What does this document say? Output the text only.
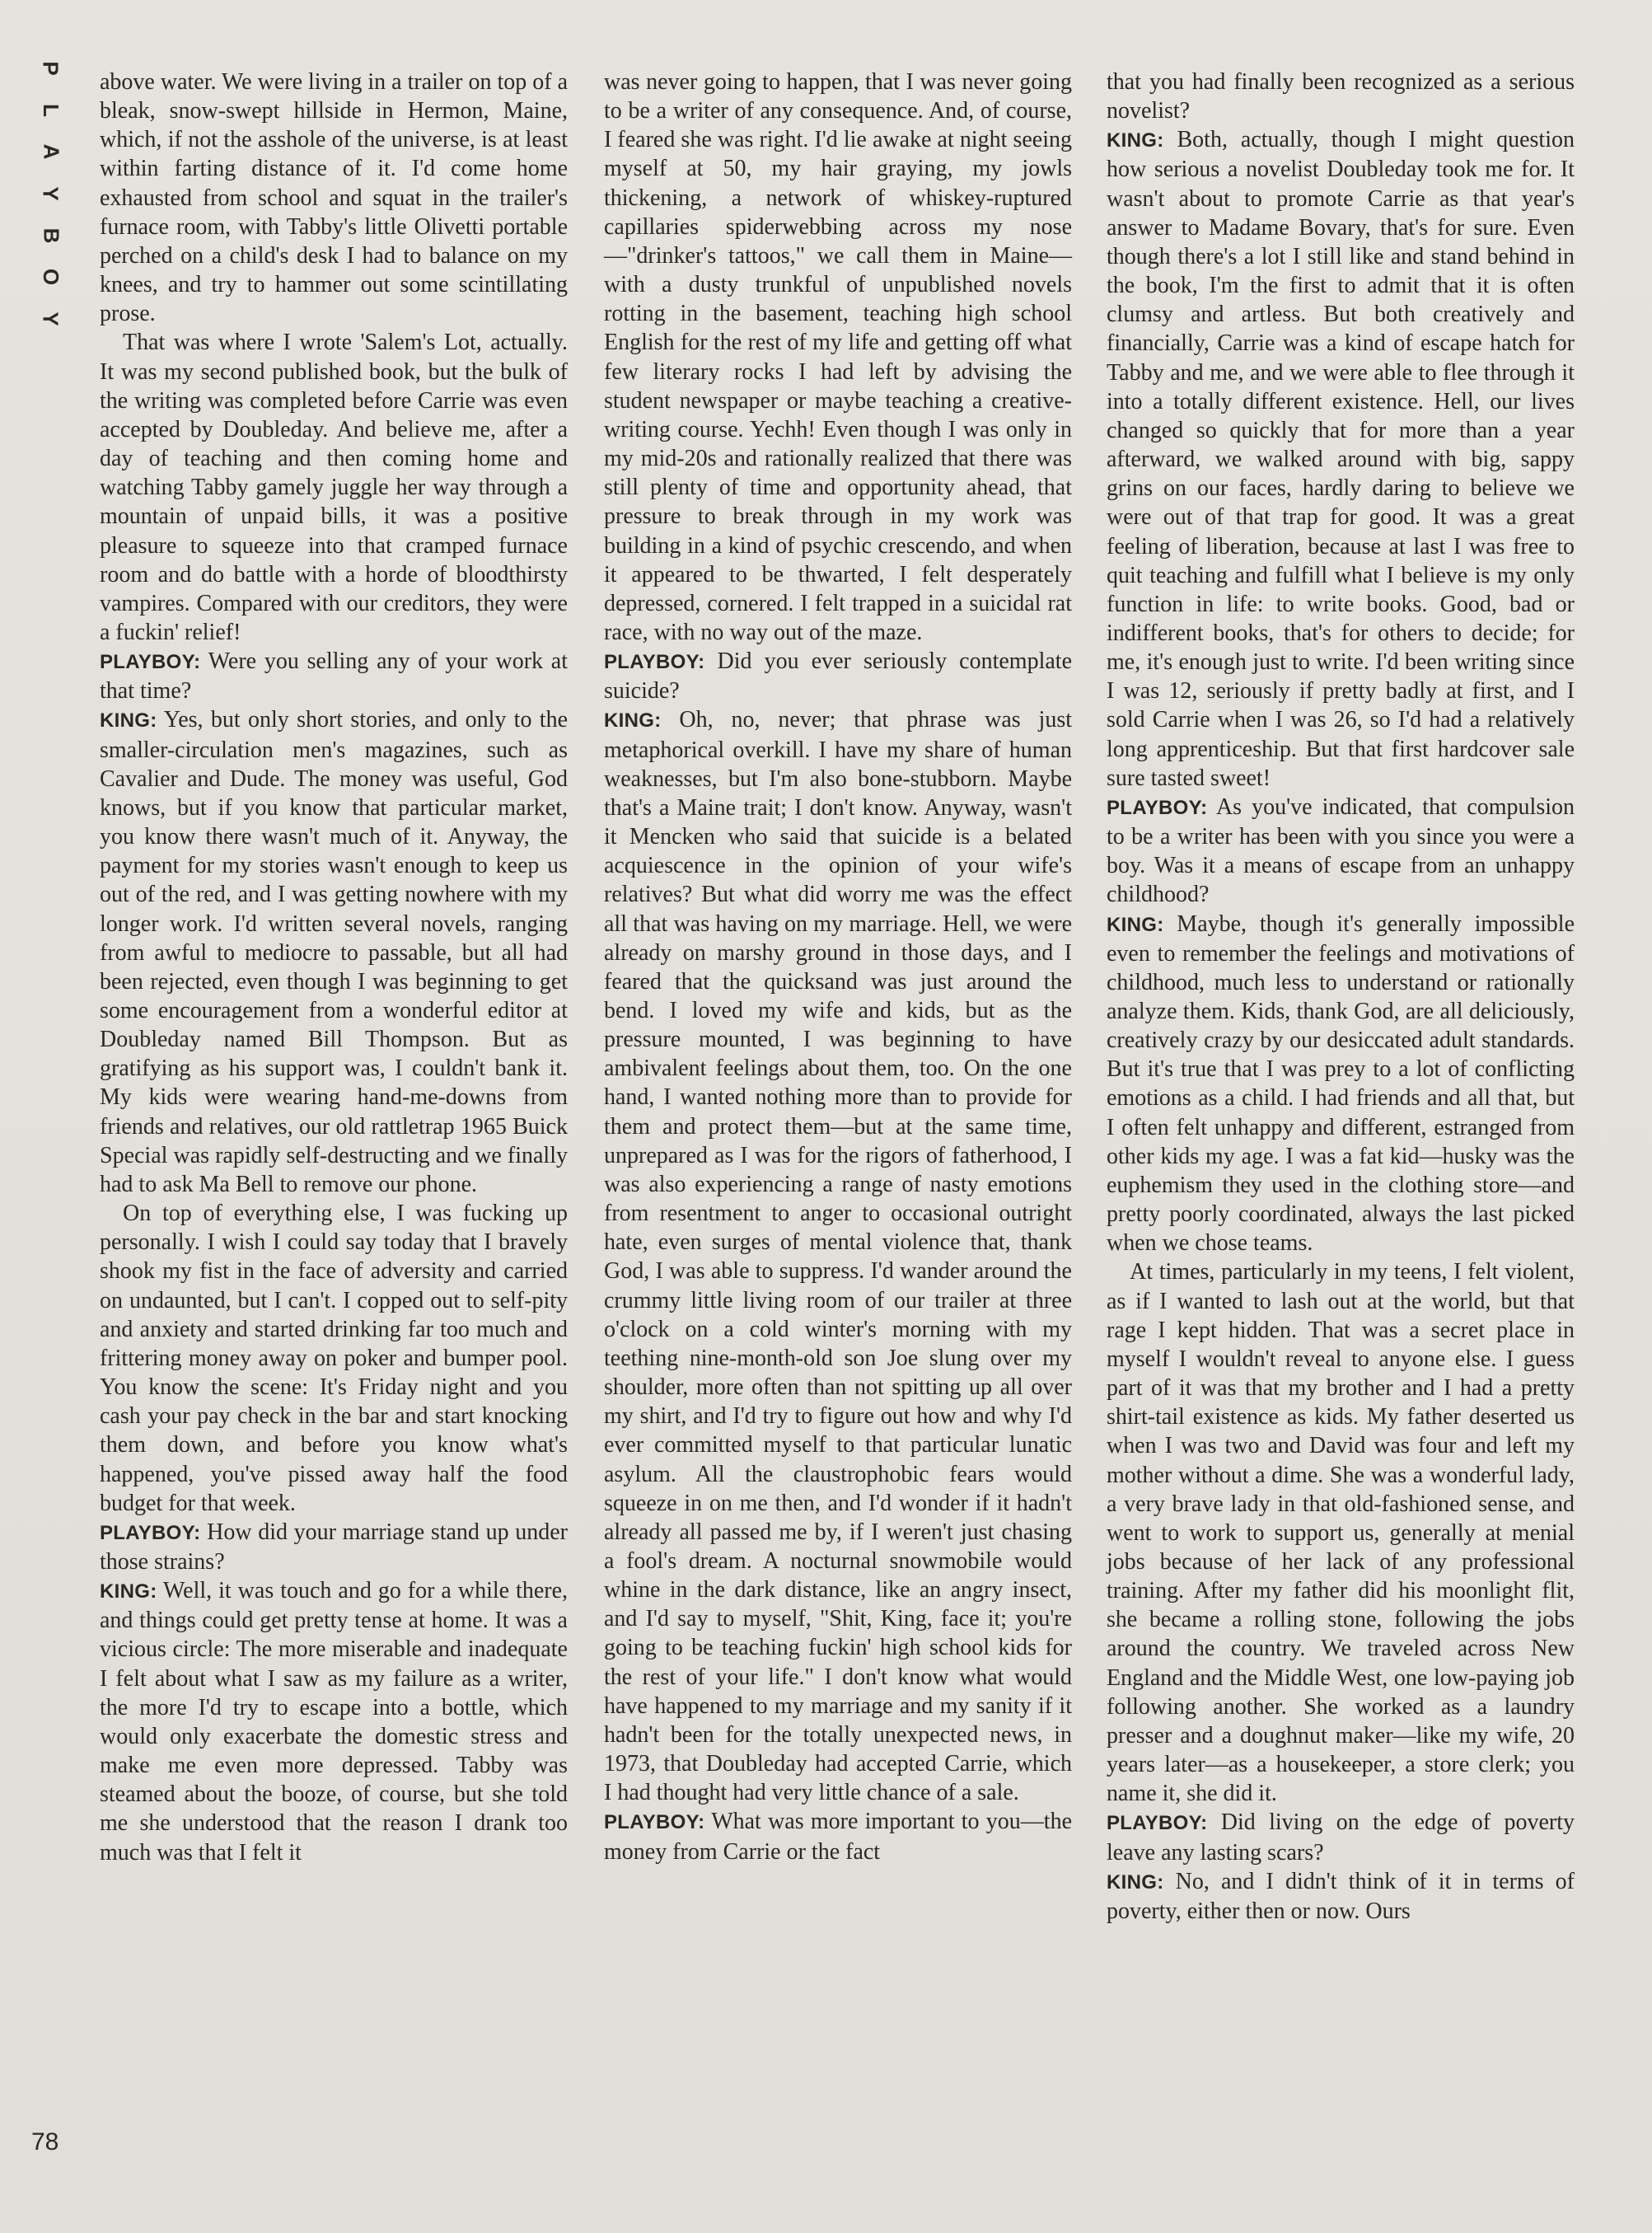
P
L
A
Y
B
O
Y

above water. We were living in a trailer on top of a bleak, snow-swept hillside in Hermon, Maine, which, if not the asshole of the universe, is at least within farting distance of it. I'd come home exhausted from school and squat in the trailer's furnace room, with Tabby's little Olivetti portable perched on a child's desk I had to balance on my knees, and try to hammer out some scintillating prose.

That was where I wrote 'Salem's Lot, actually. It was my second published book, but the bulk of the writing was completed before Carrie was even accepted by Doubleday. And believe me, after a day of teaching and then coming home and watching Tabby gamely juggle her way through a mountain of unpaid bills, it was a positive pleasure to squeeze into that cramped furnace room and do battle with a horde of bloodthirsty vampires. Compared with our creditors, they were a fuckin' relief!

PLAYBOY: Were you selling any of your work at that time?

KING: Yes, but only short stories, and only to the smaller-circulation men's magazines, such as Cavalier and Dude. The money was useful, God knows, but if you know that particular market, you know there wasn't much of it. Anyway, the payment for my stories wasn't enough to keep us out of the red, and I was getting nowhere with my longer work. I'd written several novels, ranging from awful to mediocre to passable, but all had been rejected, even though I was beginning to get some encouragement from a wonderful editor at Doubleday named Bill Thompson. But as gratifying as his support was, I couldn't bank it. My kids were wearing hand-me-downs from friends and relatives, our old rattletrap 1965 Buick Special was rapidly self-destructing and we finally had to ask Ma Bell to remove our phone.

On top of everything else, I was fucking up personally. I wish I could say today that I bravely shook my fist in the face of adversity and carried on undaunted, but I can't. I copped out to self-pity and anxiety and started drinking far too much and frittering money away on poker and bumper pool. You know the scene: It's Friday night and you cash your pay check in the bar and start knocking them down, and before you know what's happened, you've pissed away half the food budget for that week.

PLAYBOY: How did your marriage stand up under those strains?

KING: Well, it was touch and go for a while there, and things could get pretty tense at home. It was a vicious circle: The more miserable and inadequate I felt about what I saw as my failure as a writer, the more I'd try to escape into a bottle, which would only exacerbate the domestic stress and make me even more depressed. Tabby was steamed about the booze, of course, but she told me she understood that the reason I drank too much was that I felt it

was never going to happen, that I was never going to be a writer of any consequence. And, of course, I feared she was right. I'd lie awake at night seeing myself at 50, my hair graying, my jowls thickening, a network of whiskey-ruptured capillaries spiderwebbing across my nose—"drinker's tattoos," we call them in Maine—with a dusty trunkful of unpublished novels rotting in the basement, teaching high school English for the rest of my life and getting off what few literary rocks I had left by advising the student newspaper or maybe teaching a creative-writing course. Yechh! Even though I was only in my mid-20s and rationally realized that there was still plenty of time and opportunity ahead, that pressure to break through in my work was building in a kind of psychic crescendo, and when it appeared to be thwarted, I felt desperately depressed, cornered. I felt trapped in a suicidal rat race, with no way out of the maze.

PLAYBOY: Did you ever seriously contemplate suicide?

KING: Oh, no, never; that phrase was just metaphorical overkill. I have my share of human weaknesses, but I'm also bone-stubborn. Maybe that's a Maine trait; I don't know. Anyway, wasn't it Mencken who said that suicide is a belated acquiescence in the opinion of your wife's relatives? But what did worry me was the effect all that was having on my marriage. Hell, we were already on marshy ground in those days, and I feared that the quicksand was just around the bend. I loved my wife and kids, but as the pressure mounted, I was beginning to have ambivalent feelings about them, too. On the one hand, I wanted nothing more than to provide for them and protect them—but at the same time, unprepared as I was for the rigors of fatherhood, I was also experiencing a range of nasty emotions from resentment to anger to occasional outright hate, even surges of mental violence that, thank God, I was able to suppress. I'd wander around the crummy little living room of our trailer at three o'clock on a cold winter's morning with my teething nine-month-old son Joe slung over my shoulder, more often than not spitting up all over my shirt, and I'd try to figure out how and why I'd ever committed myself to that particular lunatic asylum. All the claustrophobic fears would squeeze in on me then, and I'd wonder if it hadn't already all passed me by, if I weren't just chasing a fool's dream. A nocturnal snowmobile would whine in the dark distance, like an angry insect, and I'd say to myself, "Shit, King, face it; you're going to be teaching fuckin' high school kids for the rest of your life." I don't know what would have happened to my marriage and my sanity if it hadn't been for the totally unexpected news, in 1973, that Doubleday had accepted Carrie, which I had thought had very little chance of a sale.

PLAYBOY: What was more important to you—the money from Carrie or the fact

that you had finally been recognized as a serious novelist?

KING: Both, actually, though I might question how serious a novelist Doubleday took me for. It wasn't about to promote Carrie as that year's answer to Madame Bovary, that's for sure. Even though there's a lot I still like and stand behind in the book, I'm the first to admit that it is often clumsy and artless. But both creatively and financially, Carrie was a kind of escape hatch for Tabby and me, and we were able to flee through it into a totally different existence. Hell, our lives changed so quickly that for more than a year afterward, we walked around with big, sappy grins on our faces, hardly daring to believe we were out of that trap for good. It was a great feeling of liberation, because at last I was free to quit teaching and fulfill what I believe is my only function in life: to write books. Good, bad or indifferent books, that's for others to decide; for me, it's enough just to write. I'd been writing since I was 12, seriously if pretty badly at first, and I sold Carrie when I was 26, so I'd had a relatively long apprenticeship. But that first hardcover sale sure tasted sweet!

PLAYBOY: As you've indicated, that compulsion to be a writer has been with you since you were a boy. Was it a means of escape from an unhappy childhood?

KING: Maybe, though it's generally impossible even to remember the feelings and motivations of childhood, much less to understand or rationally analyze them. Kids, thank God, are all deliciously, creatively crazy by our desiccated adult standards. But it's true that I was prey to a lot of conflicting emotions as a child. I had friends and all that, but I often felt unhappy and different, estranged from other kids my age. I was a fat kid—husky was the euphemism they used in the clothing store—and pretty poorly coordinated, always the last picked when we chose teams.

At times, particularly in my teens, I felt violent, as if I wanted to lash out at the world, but that rage I kept hidden. That was a secret place in myself I wouldn't reveal to anyone else. I guess part of it was that my brother and I had a pretty shirt-tail existence as kids. My father deserted us when I was two and David was four and left my mother without a dime. She was a wonderful lady, a very brave lady in that old-fashioned sense, and went to work to support us, generally at menial jobs because of her lack of any professional training. After my father did his moonlight flit, she became a rolling stone, following the jobs around the country. We traveled across New England and the Middle West, one low-paying job following another. She worked as a laundry presser and a doughnut maker—like my wife, 20 years later—as a housekeeper, a store clerk; you name it, she did it.

PLAYBOY: Did living on the edge of poverty leave any lasting scars?

KING: No, and I didn't think of it in terms of poverty, either then or now. Ours

78
